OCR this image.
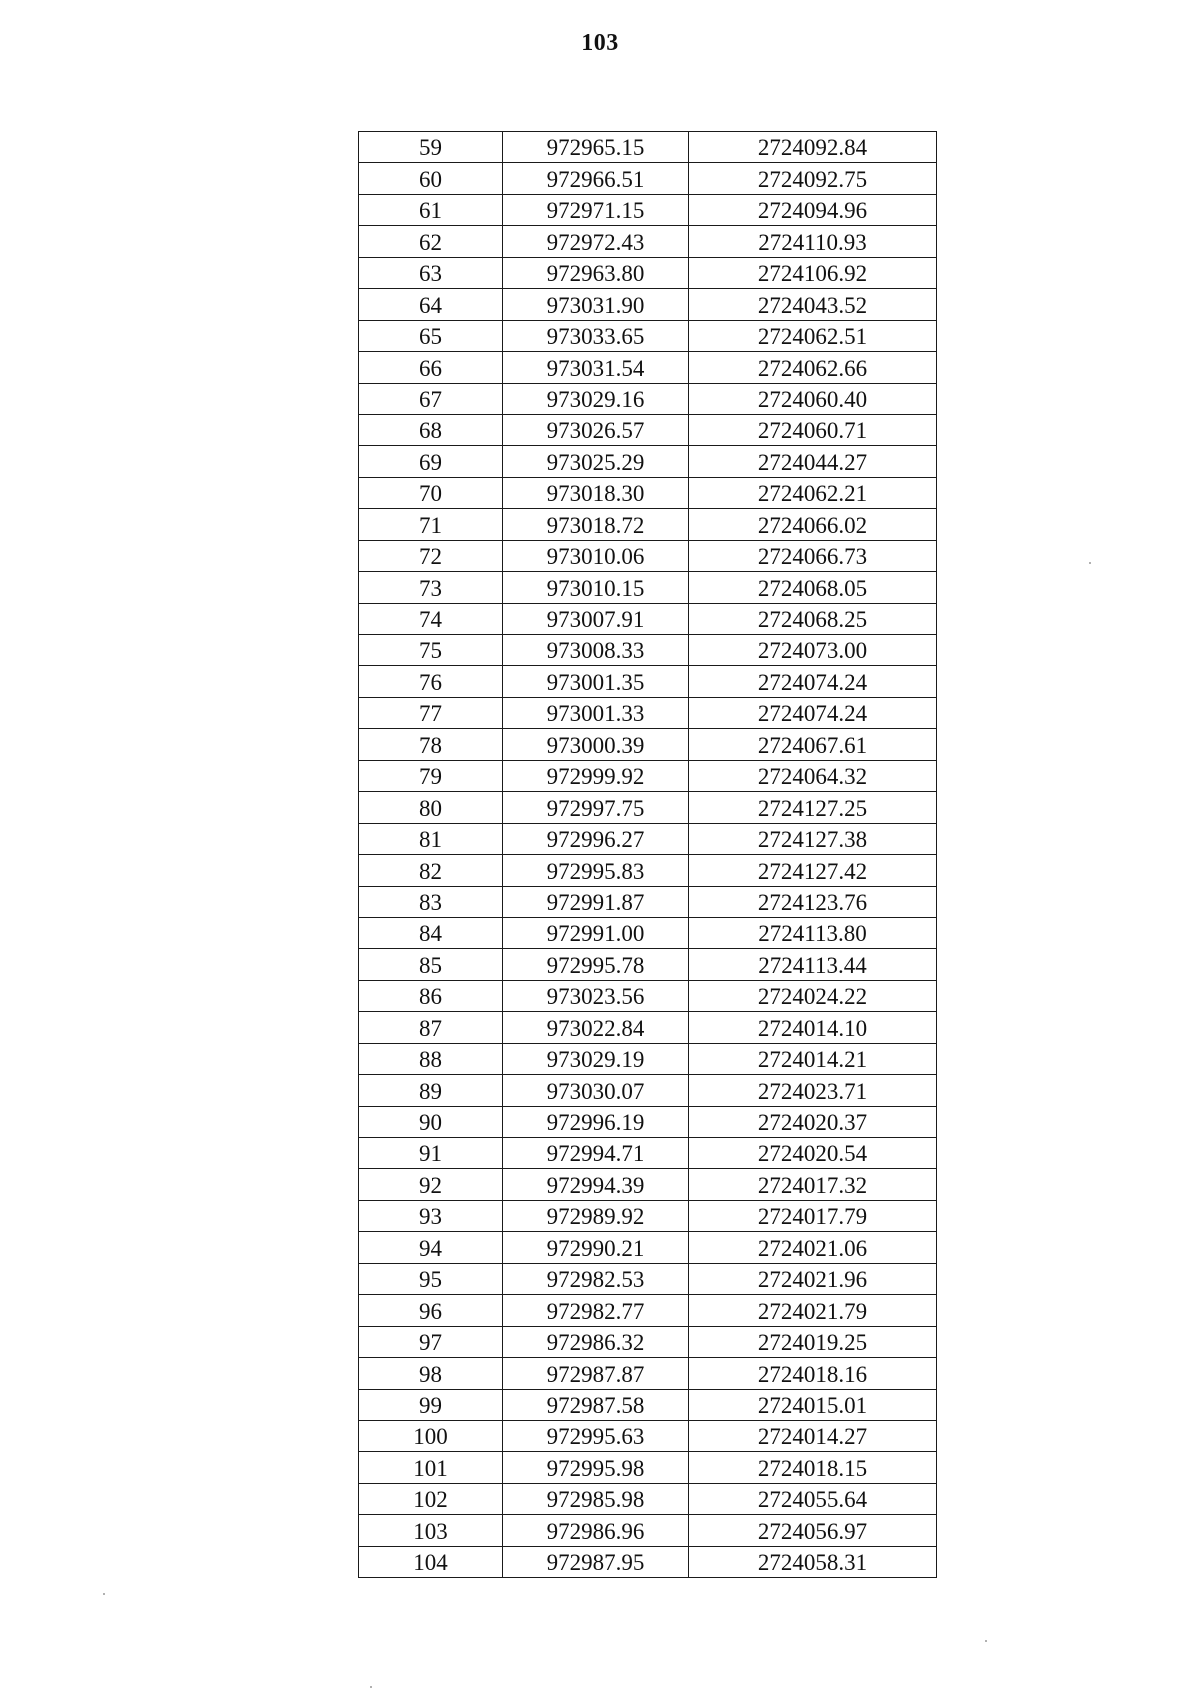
103
59	972965.15	2724092.84
60	972966.51	2724092.75
61	972971.15	2724094.96
62	972972.43	2724110.93
63	972963.80	2724106.92
64	973031.90	2724043.52
65	973033.65	2724062.51
66	973031.54	2724062.66
67	973029.16	2724060.40
68	973026.57	2724060.71
69	973025.29	2724044.27
70	973018.30	2724062.21
71	973018.72	2724066.02
72	973010.06	2724066.73
73	973010.15	2724068.05
74	973007.91	2724068.25
75	973008.33	2724073.00
76	973001.35	2724074.24
77	973001.33	2724074.24
78	973000.39	2724067.61
79	972999.92	2724064.32
80	972997.75	2724127.25
81	972996.27	2724127.38
82	972995.83	2724127.42
83	972991.87	2724123.76
84	972991.00	2724113.80
85	972995.78	2724113.44
86	973023.56	2724024.22
87	973022.84	2724014.10
88	973029.19	2724014.21
89	973030.07	2724023.71
90	972996.19	2724020.37
91	972994.71	2724020.54
92	972994.39	2724017.32
93	972989.92	2724017.79
94	972990.21	2724021.06
95	972982.53	2724021.96
96	972982.77	2724021.79
97	972986.32	2724019.25
98	972987.87	2724018.16
99	972987.58	2724015.01
100	972995.63	2724014.27
101	972995.98	2724018.15
102	972985.98	2724055.64
103	972986.96	2724056.97
104	972987.95	2724058.31
